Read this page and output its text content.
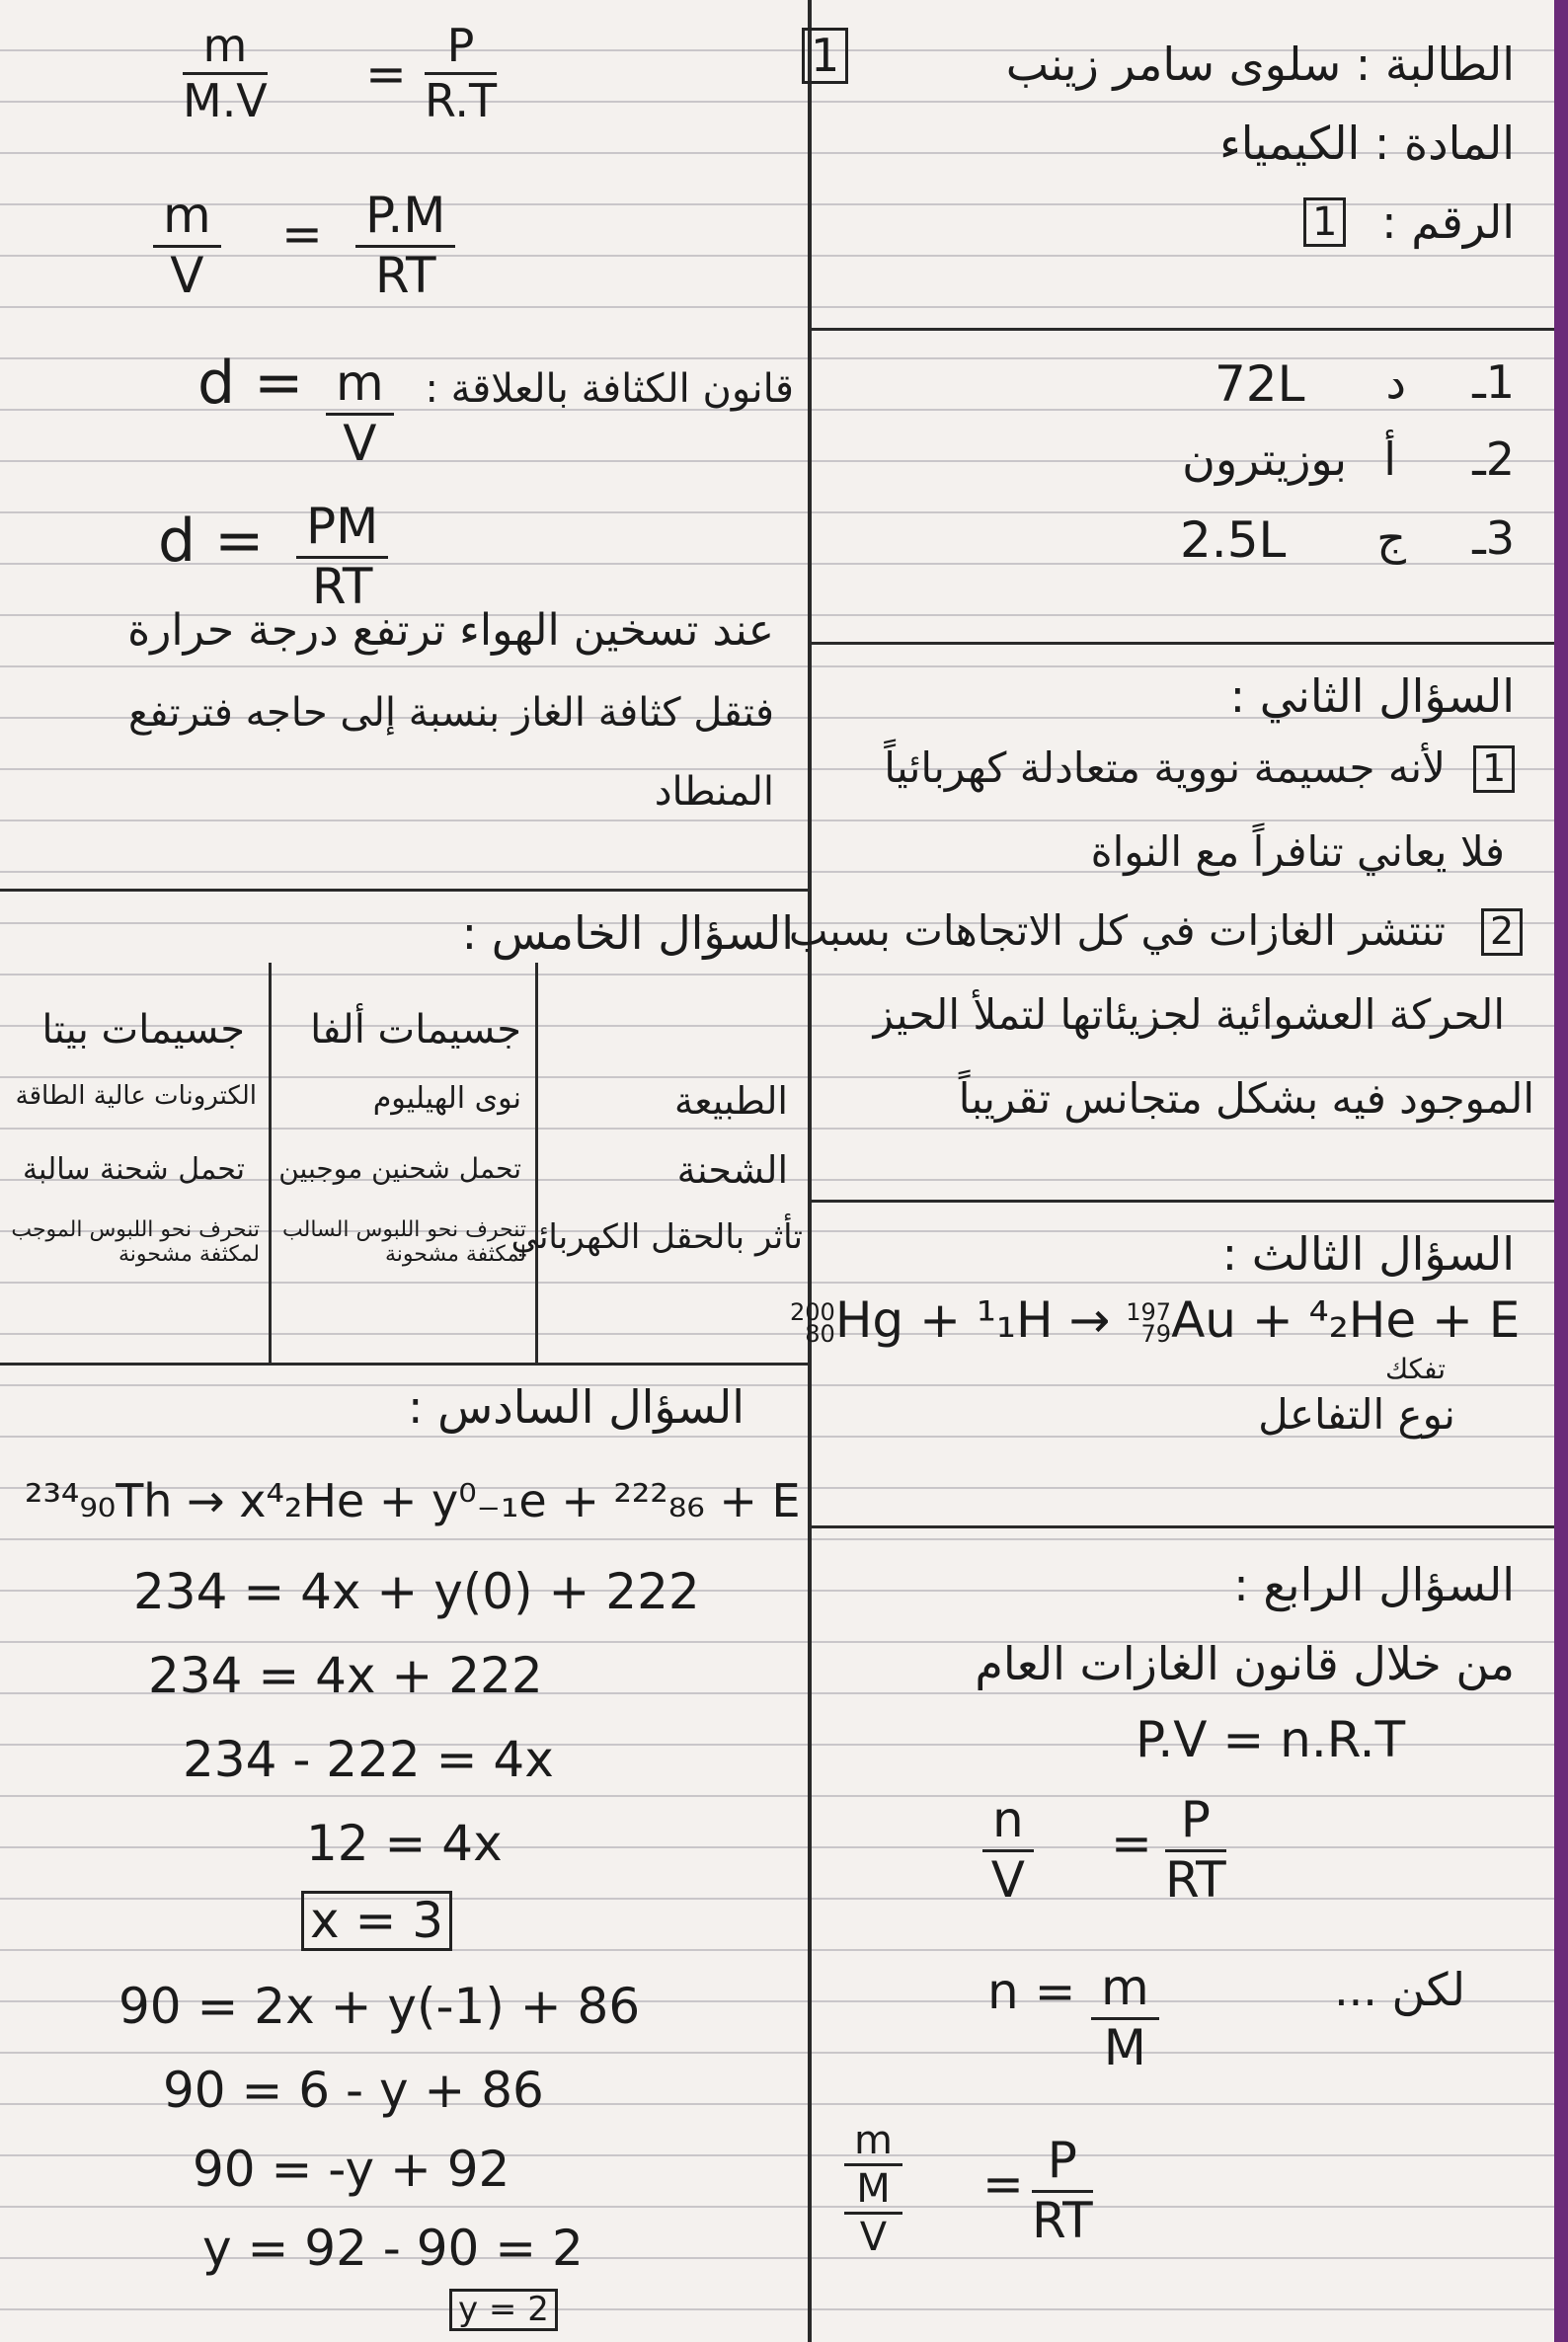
1	الطالبة : سلوى سامر زينب
المادة : الكيمياء
الرقم :
1
1ـ
د
72L
2ـ
أ
بوزيترون
3ـ
ج
2.5L
السؤال الثاني :
1
لأنه جسيمة نووية متعادلة كهربائياً
فلا يعاني تنافراً مع النواة
2
تنتشر الغازات في كل الاتجاهات بسبب
الحركة العشوائية لجزيئاتها لتملأ الحيز
الموجود فيه بشكل متجانس تقريباً
السؤال الثالث :
200
80Hg + ¹₁H → 197
79Au + ⁴₂He + E
تفكك
نوع التفاعل
السؤال الرابع :
من خلال قانون الغازات العام
P.V = n.R.T
$\frac{n}{V} = \frac{P}{RT}$
$n = \frac{m}{M}$	لكن ...
m
M
V
= $\frac{P}{RT}$
$\frac{m}{M.V} = \frac{P}{R.T}$
$\frac{m}{V} = \frac{P.M}{RT}$
$d = \frac{m}{V}$ قانون الكثافة بالعلاقة :
$d = \frac{PM}{RT}$
عند تسخين الهواء ترتفع درجة حرارة
فتقل كثافة الغاز بنسبة إلى حاجه فترتفع
المنطاد
السؤال الخامس :
جسيمات ألفا
جسيمات بيتا
الطبيعة
نوى الهيليوم
الكترونات عالية الطاقة
الشحنة
تحمل شحنين موجبين
تحمل شحنة سالبة
تأثر بالحقل الكهربائي
تنحرف نحو اللبوس السالب لمكثفة مشحونة
تنحرف نحو اللبوس الموجب لمكثفة مشحونة
السؤال السادس :
²³⁴₉₀Th → x⁴₂He + y⁰₋₁e + ²²²₈₆ + E
234 = 4x + y(0) + 222
234 = 4x + 222
234 - 222 = 4x
12 = 4x
x = 3
90 = 2x + y(-1) + 86
90 = 6 - y + 86
90 = -y + 92
y = 92 - 90 = 2
y = 2
